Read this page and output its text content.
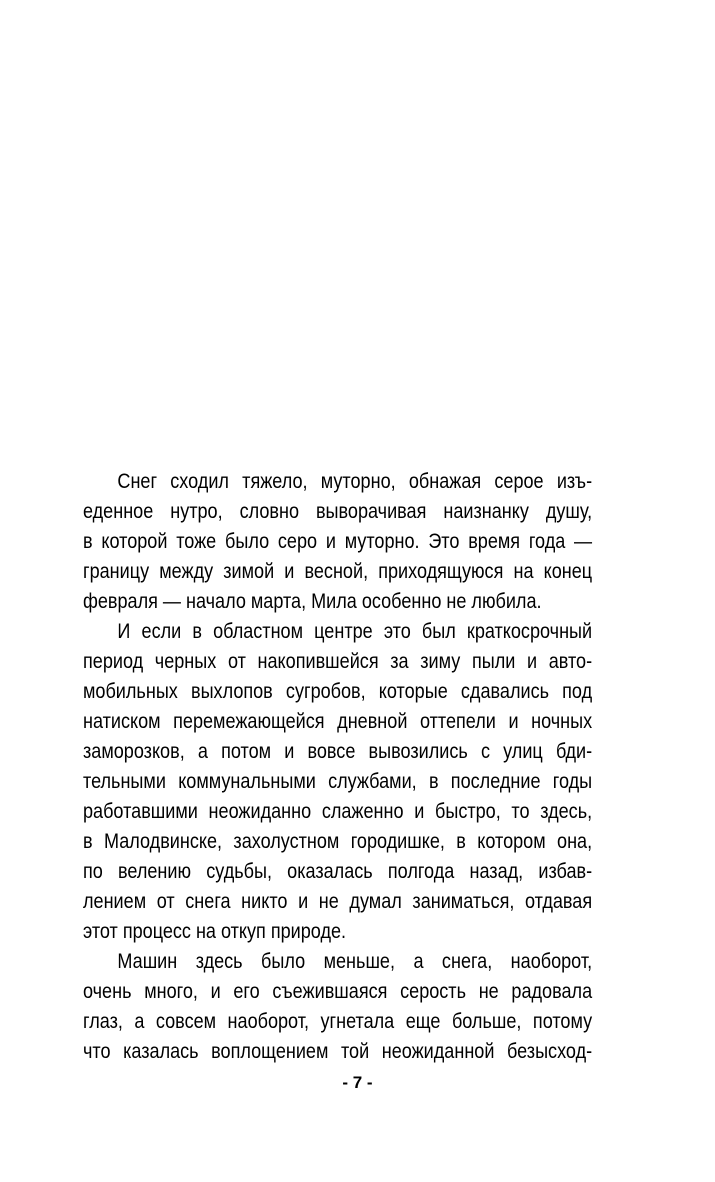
Снег сходил тяжело, муторно, обнажая серое изъ-
еденное нутро, словно выворачивая наизнанку душу,
в которой тоже было серо и муторно. Это время года —
границу между зимой и весной, приходящуюся на конец
февраля — начало марта, Мила особенно не любила.
И если в областном центре это был краткосрочный
период черных от накопившейся за зиму пыли и авто-
мобильных выхлопов сугробов, которые сдавались под
натиском перемежающейся дневной оттепели и ночных
заморозков, а потом и вовсе вывозились с улиц бди-
тельными коммунальными службами, в последние годы
работавшими неожиданно слаженно и быстро, то здесь,
в Малодвинске, захолустном городишке, в котором она,
по велению судьбы, оказалась полгода назад, избав-
лением от снега никто и не думал заниматься, отдавая
этот процесс на откуп природе.
Машин здесь было меньше, а снега, наоборот,
очень много, и его съежившаяся серость не радовала
глаз, а совсем наоборот, угнетала еще больше, потому
что казалась воплощением той неожиданной безысход-
- 7 -
